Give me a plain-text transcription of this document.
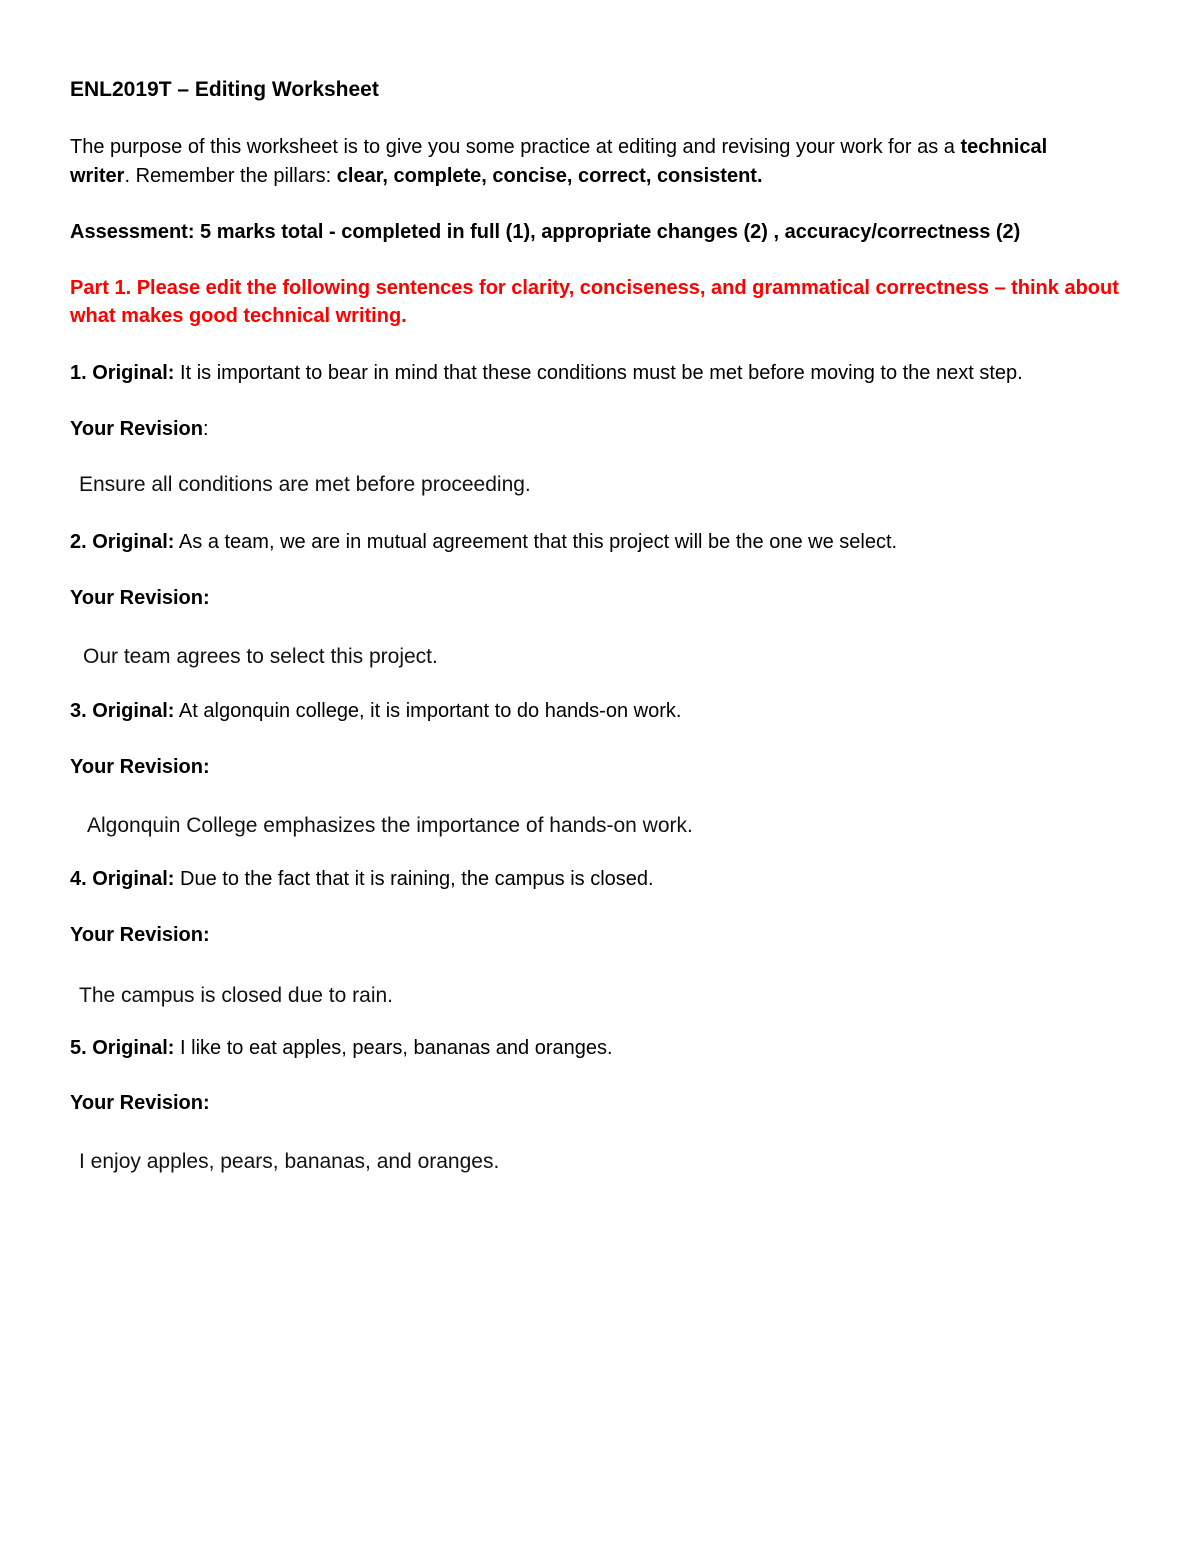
ENL2019T – Editing Worksheet
The purpose of this worksheet is to give you some practice at editing and revising your work for as a technical
writer. Remember the pillars: clear, complete, concise, correct, consistent.
Assessment: 5 marks total - completed in full (1), appropriate changes (2) , accuracy/correctness (2)
Part 1. Please edit the following sentences for clarity, conciseness, and grammatical correctness – think about
what makes good technical writing.
1. Original: It is important to bear in mind that these conditions must be met before moving to the next step.
Your Revision:
Ensure all conditions are met before proceeding.
2. Original: As a team, we are in mutual agreement that this project will be the one we select.
Your Revision:
Our team agrees to select this project.
3. Original: At algonquin college, it is important to do hands-on work.
Your Revision:
Algonquin College emphasizes the importance of hands-on work.
4. Original: Due to the fact that it is raining, the campus is closed.
Your Revision:
The campus is closed due to rain.
5. Original: I like to eat apples, pears, bananas and oranges.
Your Revision:
I enjoy apples, pears, bananas, and oranges.
